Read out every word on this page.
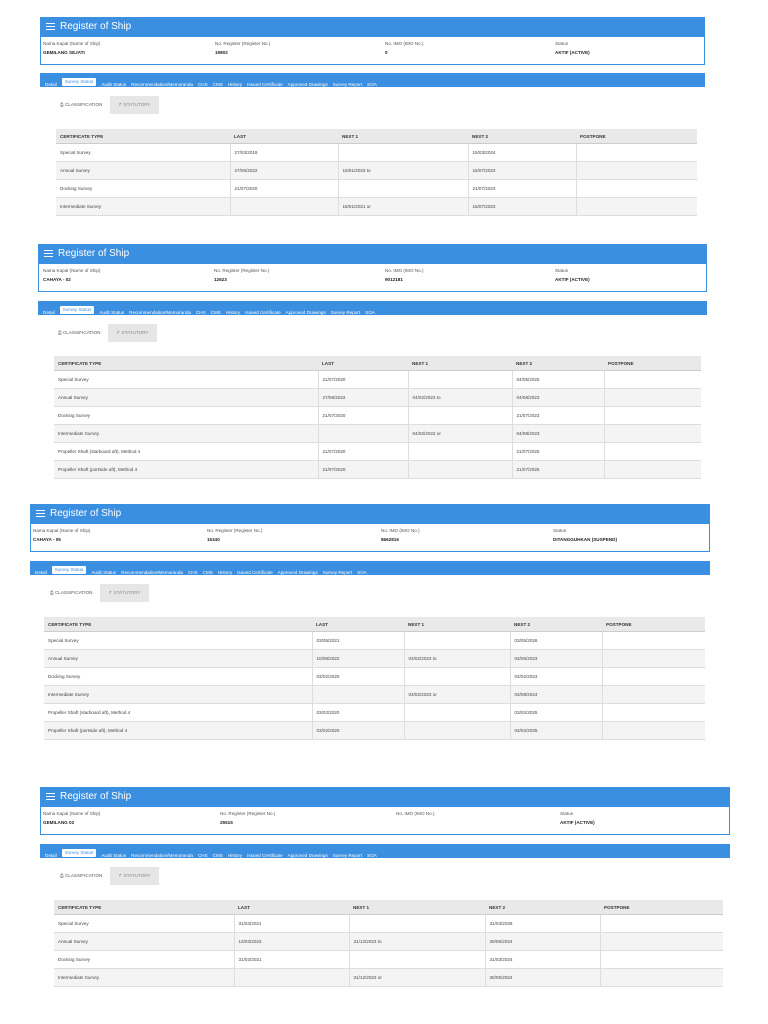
Register of Ship
Nama Kapal (Name of Ship)
GEMILANG SEJATI
No. Register (Register No.)
19802
No. IMO (IMO No.)
0
Status
AKTIF (ACTIVE)
DetailSurvey StatusAudit Status Recommendation/Memoranda CHS CMS History Issued Certificate Approved Drawings Survey Report SOA
⎙ CLASSIFICATION	↱ STATUTORY
CERTIFICATE TYPE	LAST	NEXT 1	NEXT 2	POSTPONE
Special Survey	27/03/2019		15/03/2024	
Annual Survey	27/06/2022	15/01/2023 to	15/07/2023	
Docking Survey	21/07/2020		21/07/2023	
Intermediate Survey		15/01/2021 or	15/07/2023	
Register of Ship
Nama Kapal (Name of Ship)
CAHAYA - 02
No. Register (Register No.)
12623
No. IMO (IMO No.)
9012181
Status
AKTIF (ACTIVE)
DetailSurvey StatusAudit Status Recommendation/Memoranda CHS CMS History Issued Certificate Approved Drawings Survey Report SOA
⎙ CLASSIFICATION	↱ STATUTORY
CERTIFICATE TYPE	LAST	NEXT 1	NEXT 2	POSTPONE
Special Survey	21/07/2020		04/05/2025	
Annual Survey	27/06/2022	04/02/2023 to	04/08/2023	
Docking Survey	21/07/2020		21/07/2023	
Intermediate Survey		04/02/2022 or	04/08/2023	
Propeller Shaft (starboard aft), Method 4	21/07/2020		21/07/2025	
Propeller Shaft (portside aft), Method 4	21/07/2020		21/07/2025	
Register of Ship
Nama Kapal (Name of Ship)
CAHAYA - 05
No. Register (Register No.)
15340
No. IMO (IMO No.)
8662816
Status
DITANGGUHKAN (SUSPEND)
DetailSurvey StatusAudit Status Recommendation/Memoranda CHS CMS History Issued Certificate Approved Drawings Survey Report SOA
⎙ CLASSIFICATION	↱ STATUTORY
CERTIFICATE TYPE	LAST	NEXT 1	NEXT 2	POSTPONE
Special Survey	03/05/2021		03/05/2026	
Annual Survey	10/06/2022	03/02/2023 to	03/06/2023	
Docking Survey	03/02/2020		03/02/2023	
Intermediate Survey		03/02/2023 or	03/08/2024	
Propeller Shaft (starboard aft), Method 4	03/02/2020		03/02/2025	
Propeller Shaft (portside aft), Method 4	03/02/2020		03/02/2025	
Register of Ship
Nama Kapal (Name of Ship)
GEMILANG 02
No. Register (Register No.)
25515
No. IMO (IMO No.)	Status
AKTIF (ACTIVE)
DetailSurvey StatusAudit Status Recommendation/Memoranda CHS CMS History Issued Certificate Approved Drawings Survey Report SOA
⎙ CLASSIFICATION	↱ STATUTORY
CERTIFICATE TYPE	LAST	NEXT 1	NEXT 2	POSTPONE
Special Survey	31/03/2021		31/03/2026	
Annual Survey	13/03/2023	31/12/2023 to	30/06/2024	
Docking Survey	31/03/2021		31/03/2024	
Intermediate Survey		31/12/2022 or	30/06/2024	
